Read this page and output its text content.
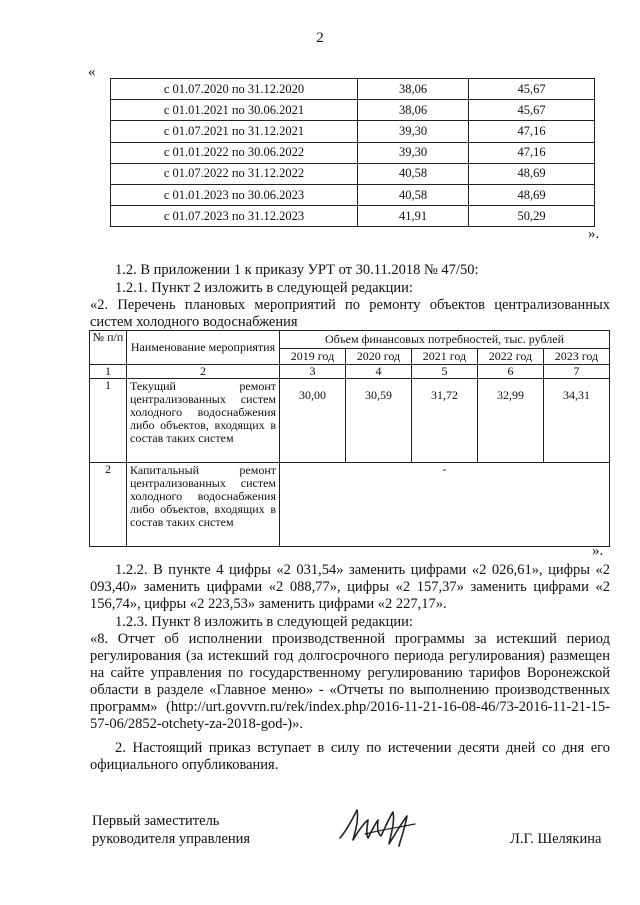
2
«
с 01.07.2020 по 31.12.2020	38,06	45,67
с 01.01.2021 по 30.06.2021	38,06	45,67
с 01.07.2021 по 31.12.2021	39,30	47,16
с 01.01.2022 по 30.06.2022	39,30	47,16
с 01.07.2022 по 31.12.2022	40,58	48,69
с 01.01.2023 по 30.06.2023	40,58	48,69
с 01.07.2023 по 31.12.2023	41,91	50,29
».
1.2. В приложении 1 к приказу УРТ от 30.11.2018 № 47/50:
1.2.1. Пункт 2 изложить в следующей редакции:
«2. Перечень плановых мероприятий по ремонту объектов централизованных систем холодного водоснабжения
№ п/п	Наименование мероприятия	Объем финансовых потребностей, тыс. рублей				
		2019 год	2020 год	2021 год	2022 год	2023 год
1	2	3	4	5	6	7
1	Текущий ремонт централизованных систем холодного водоснабжения либо объектов, входящих в состав таких систем	30,00	30,59	31,72	32,99	34,31
2	Капитальный ремонт централизованных систем холодного водоснабжения либо объектов, входящих в состав таких систем	-				
».
1.2.2. В пункте 4 цифры «2 031,54» заменить цифрами «2 026,61», цифры «2 093,40» заменить цифрами «2 088,77», цифры «2 157,37» заменить цифрами «2 156,74», цифры «2 223,53» заменить цифрами «2 227,17».
1.2.3. Пункт 8 изложить в следующей редакции:
«8. Отчет об исполнении производственной программы за истекший период регулирования (за истекший год долгосрочного периода регулирования) размещен на сайте управления по государственному регулированию тарифов Воронежской области в разделе «Главное меню» - «Отчеты по выполнению производственных программ» (http://urt.govvrn.ru/rek/index.php/2016-11-21-16-08-46/73-2016-11-21-15-57-06/2852-otchety-za-2018-god-)».
2. Настоящий приказ вступает в силу по истечении десяти дней со дня его официального опубликования.
Первый заместитель
руководителя управления	Л.Г. Шелякина
